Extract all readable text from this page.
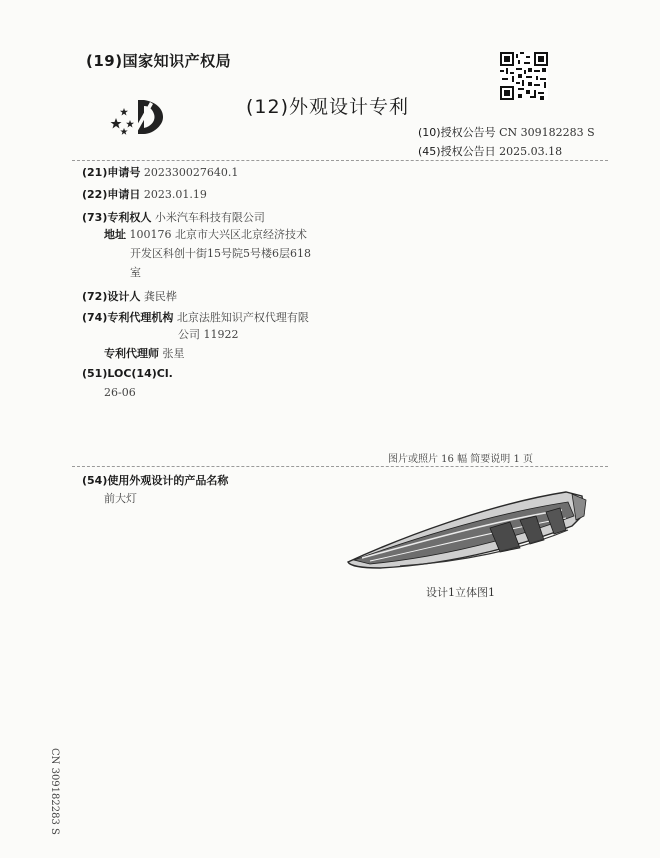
(19)国家知识产权局
(12)外观设计专利
(10)授权公告号 CN 309182283 S
(45)授权公告日 2025.03.18
(21)申请号 202330027640.1
(22)申请日 2023.01.19
(73)专利权人 小米汽车科技有限公司
地址 100176 北京市大兴区北京经济技术
开发区科创十街15号院5号楼6层618
室
(72)设计人 龚民桦
(74)专利代理机构 北京法胜知识产权代理有限
公司 11922
专利代理师 张星
(51)LOC(14)Cl.
26-06
图片或照片 16 幅 简要说明 1 页
(54)使用外观设计的产品名称
前大灯
设计1立体图1
CN 309182283 S
